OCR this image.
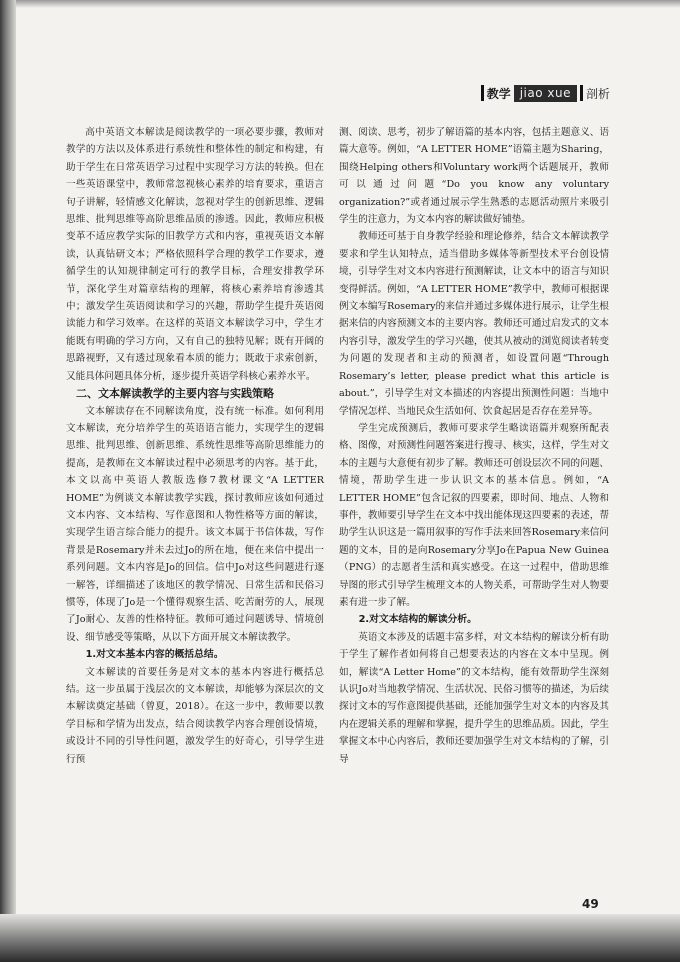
教学 jiao xue	剖析

高中英语文本解读是阅读教学的一项必要步骤，教师对教学的方法以及体系进行系统性和整体性的制定和构建，有助于学生在日常英语学习过程中实现学习方法的转换。但在一些英语课堂中，教师常忽视核心素养的培育要求，重语言句子讲解，轻情感文化解读，忽视对学生的创新思维、逻辑思维、批判思维等高阶思维品质的渗透。因此，教师应积极变革不适应教学实际的旧教学方式和内容，重视英语文本解读，认真钻研文本；严格依照科学合理的教学工作要求，遵循学生的认知规律制定可行的教学目标，合理安排教学环节，深化学生对篇章结构的理解，将核心素养培育渗透其中；激发学生英语阅读和学习的兴趣，帮助学生提升英语阅读能力和学习效率。在这样的英语文本解读学习中，学生才能既有明确的学习方向，又有自己的独特见解；既有开阔的思路视野，又有透过现象看本质的能力；既敢于求索创新，又能具体问题具体分析，逐步提升英语学科核心素养水平。

二、文本解读教学的主要内容与实践策略

文本解读存在不同解读角度，没有统一标准。如何利用文本解读，充分培养学生的英语语言能力，实现学生的逻辑思维、批判思维、创新思维、系统性思维等高阶思维能力的提高，是教师在文本解读过程中必须思考的内容。基于此，本文以高中英语人教版选修7教材课文“A LETTER HOME”为例谈文本解读教学实践，探讨教师应该如何通过文本内容、文本结构、写作意图和人物性格等方面的解读，实现学生语言综合能力的提升。该文本属于书信体裁，写作背景是Rosemary并未去过Jo的所在地，便在来信中提出一系列问题。文本内容是Jo的回信。信中Jo对这些问题进行逐一解答，详细描述了该地区的教学情况、日常生活和民俗习惯等，体现了Jo是一个懂得观察生活、吃苦耐劳的人，展现了Jo耐心、友善的性格特征。教师可通过问题诱导、情境创设、细节感受等策略，从以下方面开展文本解读教学。

1.对文本基本内容的概括总结。

文本解读的首要任务是对文本的基本内容进行概括总结。这一步虽属于浅层次的文本解读，却能够为深层次的文本解读奠定基础（曾夏，2018）。在这一步中，教师要以教学目标和学情为出发点，结合阅读教学内容合理创设情境，或设计不同的引导性问题，激发学生的好奇心，引导学生进行预

测、阅读、思考，初步了解语篇的基本内容，包括主题意义、语篇大意等。例如，“A LETTER HOME”语篇主题为Sharing，围绕Helping others和Voluntary work两个话题展开，教师可以通过问题“Do you know any voluntary organization?”或者通过展示学生熟悉的志愿活动照片来吸引学生的注意力，为文本内容的解读做好铺垫。

教师还可基于自身教学经验和理论修养，结合文本解读教学要求和学生认知特点，适当借助多媒体等新型技术平台创设情境，引导学生对文本内容进行预测解读，让文本中的语言与知识变得鲜活。例如，“A LETTER HOME”教学中，教师可根据课例文本编写Rosemary的来信并通过多媒体进行展示，让学生根据来信的内容预测文本的主要内容。教师还可通过启发式的文本内容引导，激发学生的学习兴趣，使其从被动的浏览阅读者转变为问题的发现者和主动的预测者，如设置问题“Through Rosemary’s letter, please predict what this article is about.”，引导学生对文本描述的内容提出预测性问题：当地中学情况怎样、当地民众生活如何、饮食起居是否存在差异等。

学生完成预测后，教师可要求学生略读语篇并观察所配表格、图像，对预测性问题答案进行搜寻、核实，这样，学生对文本的主题与大意便有初步了解。教师还可创设层次不同的问题、情境，帮助学生进一步认识文本的基本信息。例如，“A LETTER HOME”包含记叙的四要素，即时间、地点、人物和事件，教师要引导学生在文本中找出能体现这四要素的表述，帮助学生认识这是一篇用叙事的写作手法来回答Rosemary来信问题的文本，目的是向Rosemary分享Jo在Papua New Guinea（PNG）的志愿者生活和真实感受。在这一过程中，借助思维导图的形式引导学生梳理文本的人物关系，可帮助学生对人物要素有进一步了解。

2.对文本结构的解读分析。

英语文本涉及的话题丰富多样，对文本结构的解读分析有助于学生了解作者如何将自己想要表达的内容在文本中呈现。例如，解读“A Letter Home”的文本结构，能有效帮助学生深刻认识Jo对当地教学情况、生活状况、民俗习惯等的描述，为后续探讨文本的写作意图提供基础，还能加强学生对文本的内容及其内在逻辑关系的理解和掌握，提升学生的思维品质。因此，学生掌握文本中心内容后，教师还要加强学生对文本结构的了解，引导

49
